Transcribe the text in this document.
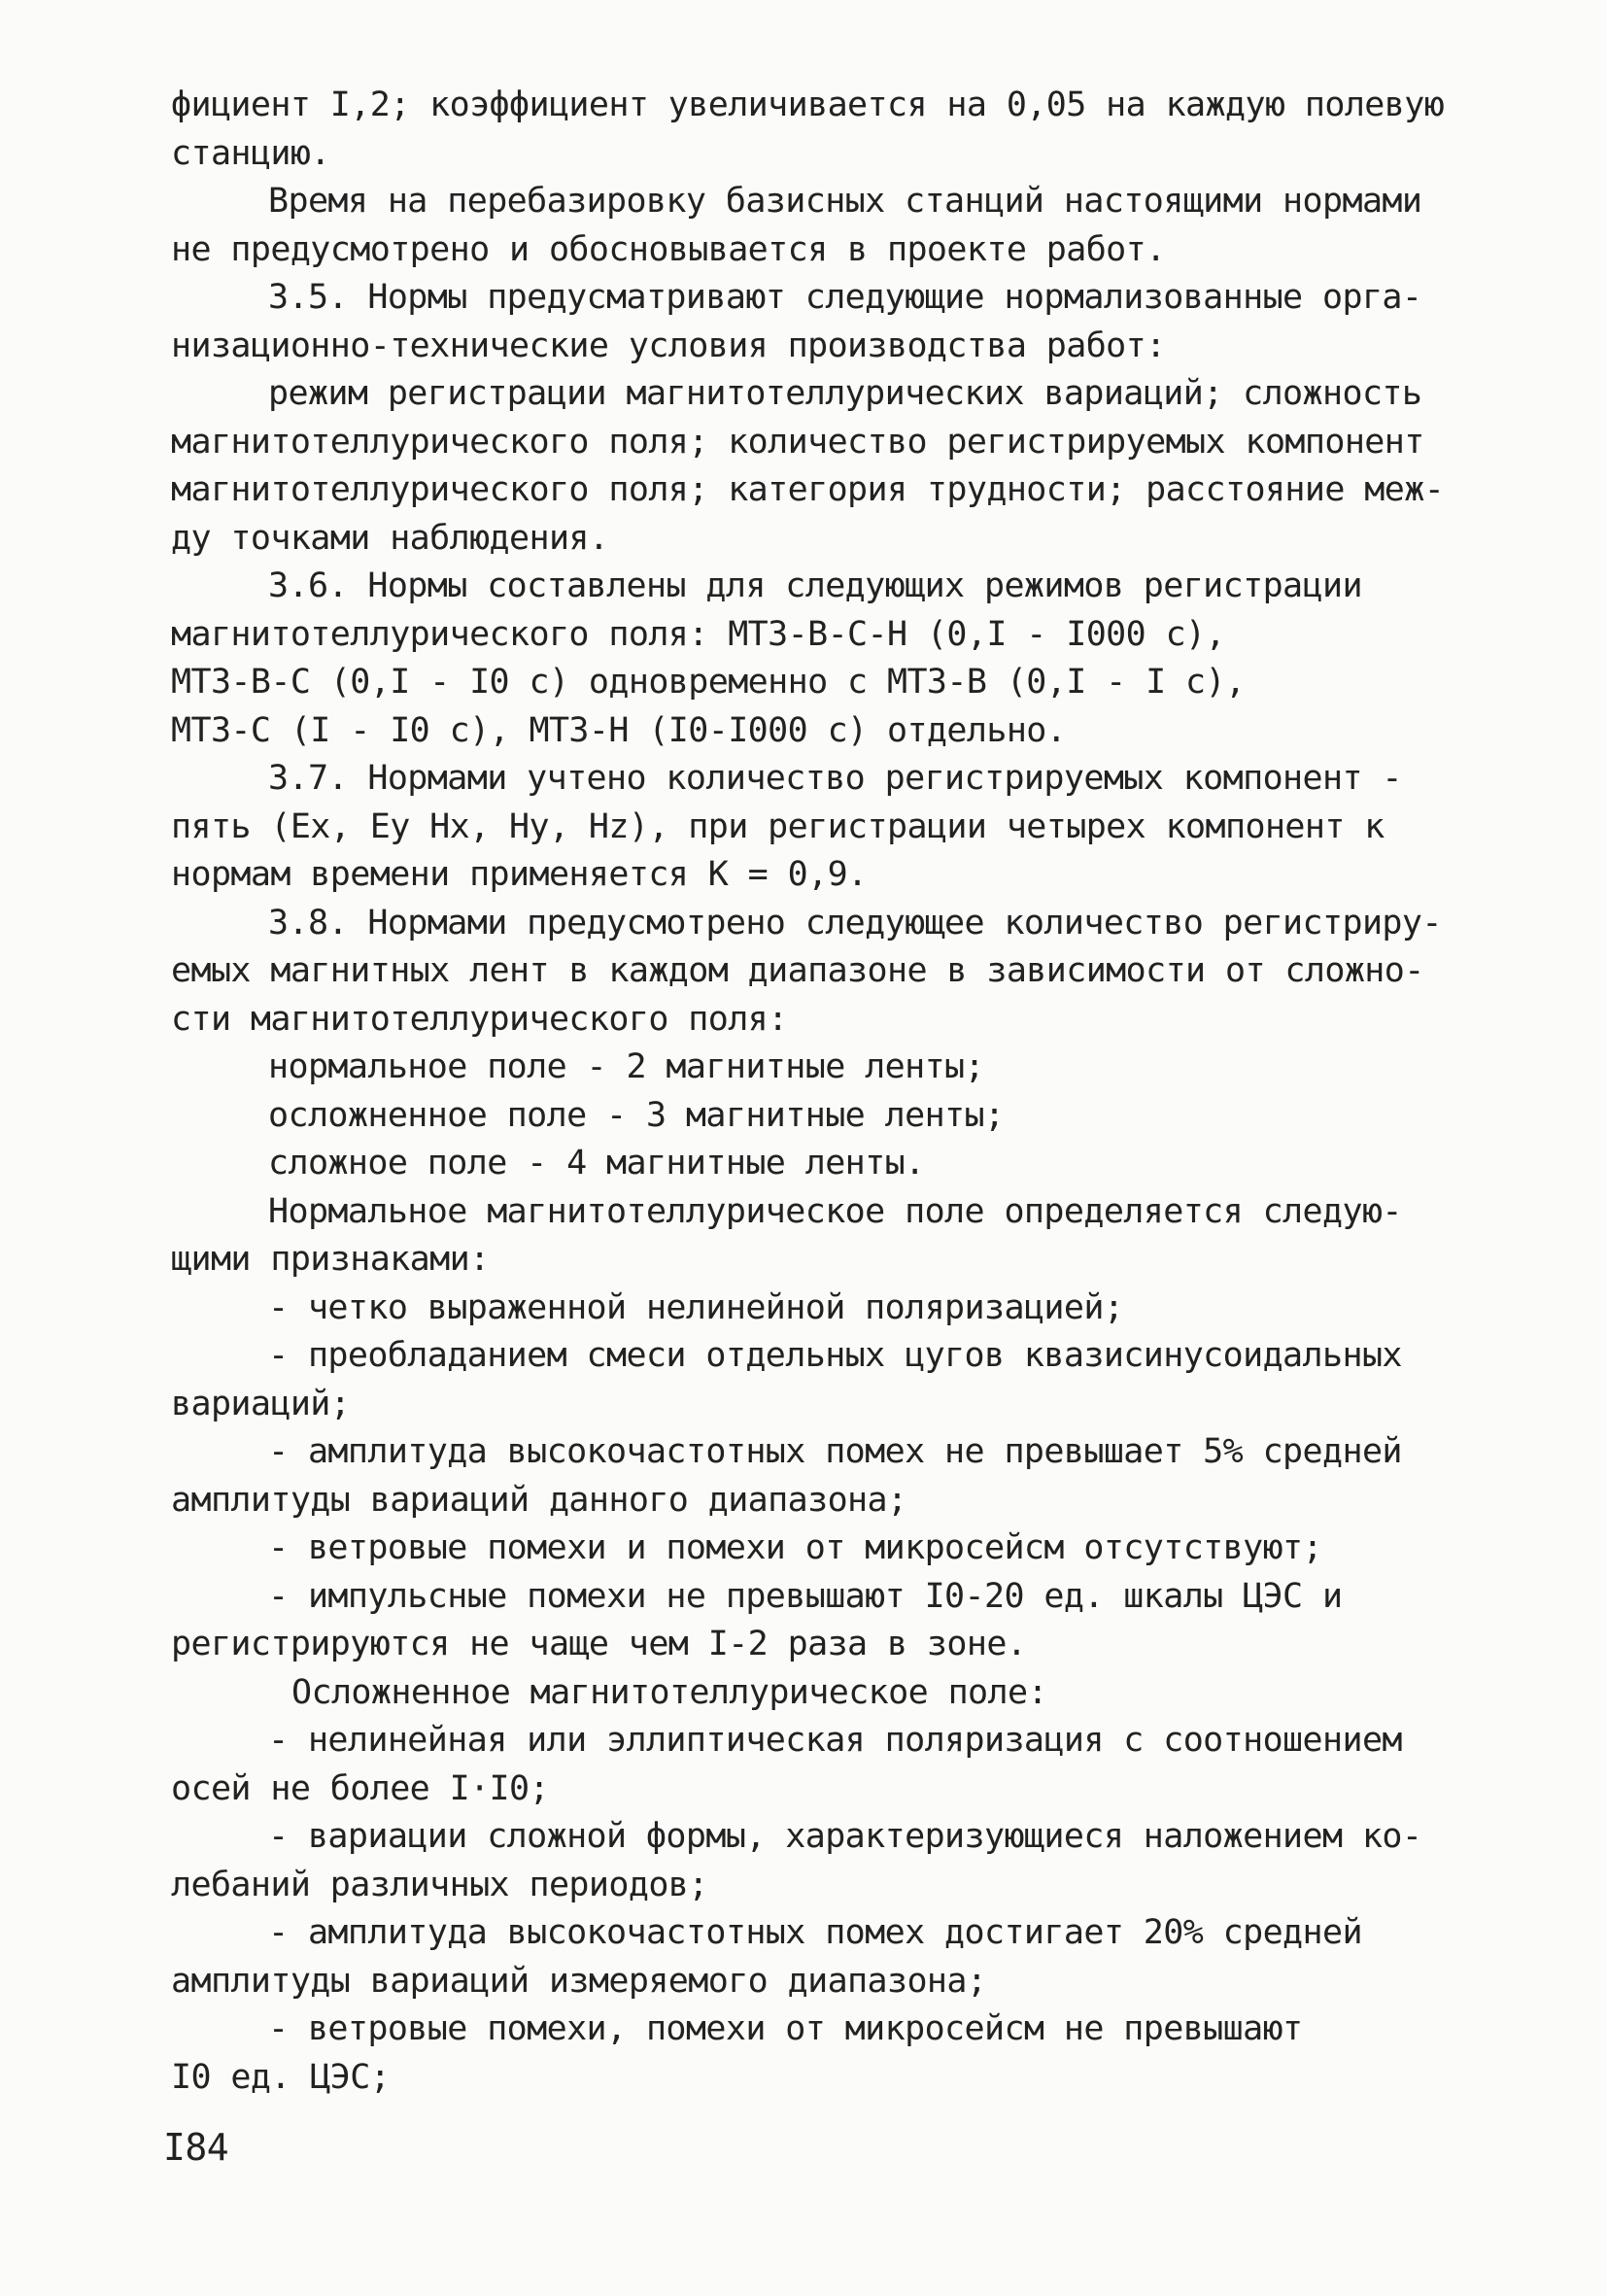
фициент I,2; коэффициент увеличивается на 0,05 на каждую полевую
станцию.
Время на перебазировку базисных станций настоящими нормами
не предусмотрено и обосновывается в проекте работ.
3.5. Нормы предусматривают следующие нормализованные орга-
низационно-технические условия производства работ:
режим регистрации магнитотеллурических вариаций; сложность
магнитотеллурического поля; количество регистрируемых компонент
магнитотеллурического поля; категория трудности; расстояние меж-
ду точками наблюдения.
3.6. Нормы составлены для следующих режимов регистрации
магнитотеллурического поля: МТЗ-В-С-Н (0,I - I000 с),
МТЗ-В-С (0,I - I0 с) одновременно с МТЗ-В (0,I - I с),
МТЗ-С (I - I0 с), МТЗ-Н (I0-I000 с) отдельно.
3.7. Нормами учтено количество регистрируемых компонент -
пять (Ex, Ey Hx, Hy, Hz), при регистрации четырех компонент к
нормам времени применяется К = 0,9.
3.8. Нормами предусмотрено следующее количество регистриру-
емых магнитных лент в каждом диапазоне в зависимости от сложно-
сти магнитотеллурического поля:
нормальное поле - 2 магнитные ленты;
осложненное поле - 3 магнитные ленты;
сложное поле - 4 магнитные ленты.
Нормальное магнитотеллурическое поле определяется следую-
щими признаками:
- четко выраженной нелинейной поляризацией;
- преобладанием смеси отдельных цугов квазисинусоидальных
вариаций;
- амплитуда высокочастотных помех не превышает 5% средней
амплитуды вариаций данного диапазона;
- ветровые помехи и помехи от микросейсм отсутствуют;
- импульсные помехи не превышают I0-20 ед. шкалы ЦЭС и
регистрируются не чаще чем I-2 раза в зоне.
Осложненное магнитотеллурическое поле:
- нелинейная или эллиптическая поляризация с соотношением
осей не более I·I0;
- вариации сложной формы, характеризующиеся наложением ко-
лебаний различных периодов;
- амплитуда высокочастотных помех достигает 20% средней
амплитуды вариаций измеряемого диапазона;
- ветровые помехи, помехи от микросейсм не превышают
I0 ед. ЦЭС;
I84
